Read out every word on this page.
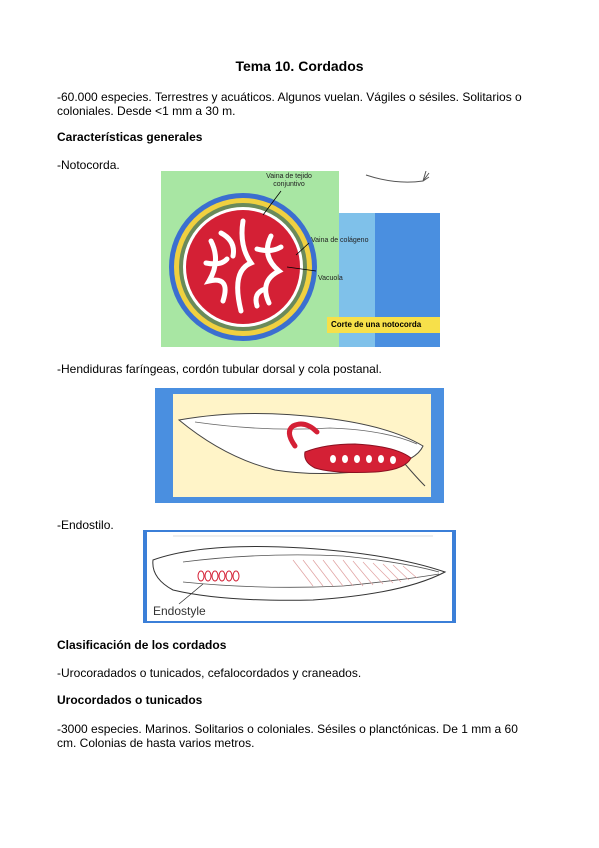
Tema 10. Cordados

-60.000 especies. Terrestres y acuáticos. Algunos vuelan. Vágiles o sésiles. Solitarios o coloniales. Desde <1 mm a 30 m.

Características generales

-Notocorda.

Vaina de tejido conjuntivo
Vaina de colágeno
Vacuola
Corte de una notocorda

-Hendiduras faríngeas, cordón tubular dorsal y cola postanal.

-Endostilo.

Endostyle

Clasificación de los cordados

-Urocoradados o tunicados, cefalocordados y craneados.

Urocordados o tunicados

-3000 especies. Marinos. Solitarios o coloniales. Sésiles o planctónicas. De 1 mm a 60 cm. Colonias de hasta varios metros.
